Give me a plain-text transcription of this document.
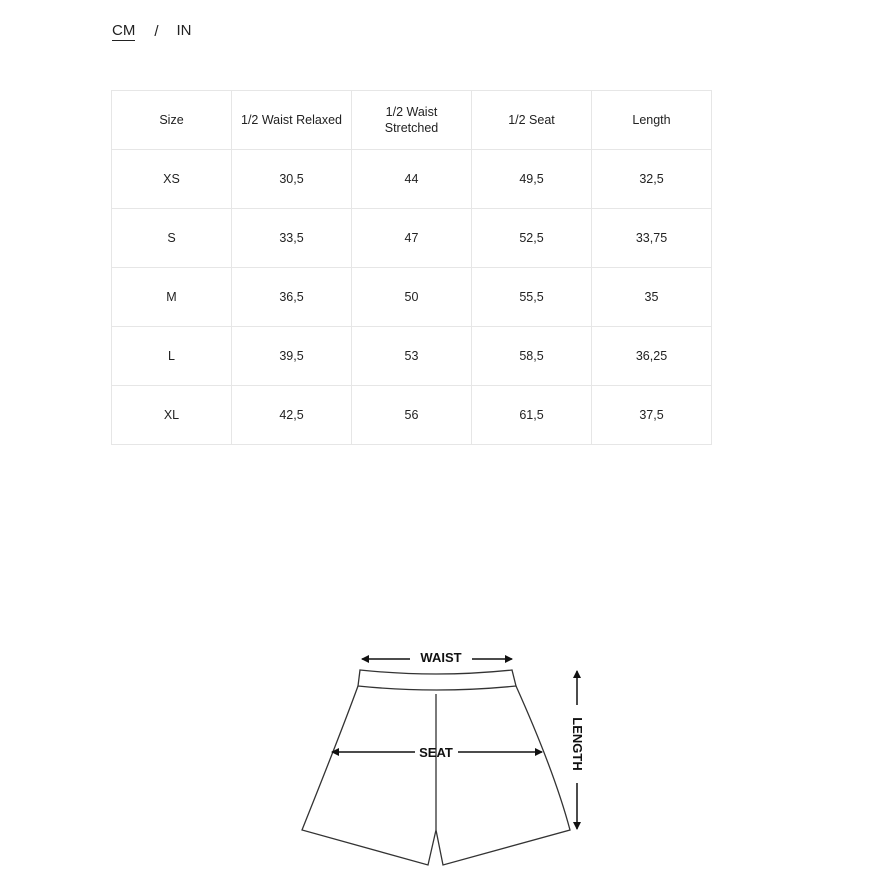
CM / IN
Size	1/2 Waist Relaxed	1/2 Waist Stretched	1/2 Seat	Length
XS	30,5	44	49,5	32,5
S	33,5	47	52,5	33,75
M	36,5	50	55,5	35
L	39,5	53	58,5	36,25
XL	42,5	56	61,5	37,5
WAIST
SEAT	LENGTH
